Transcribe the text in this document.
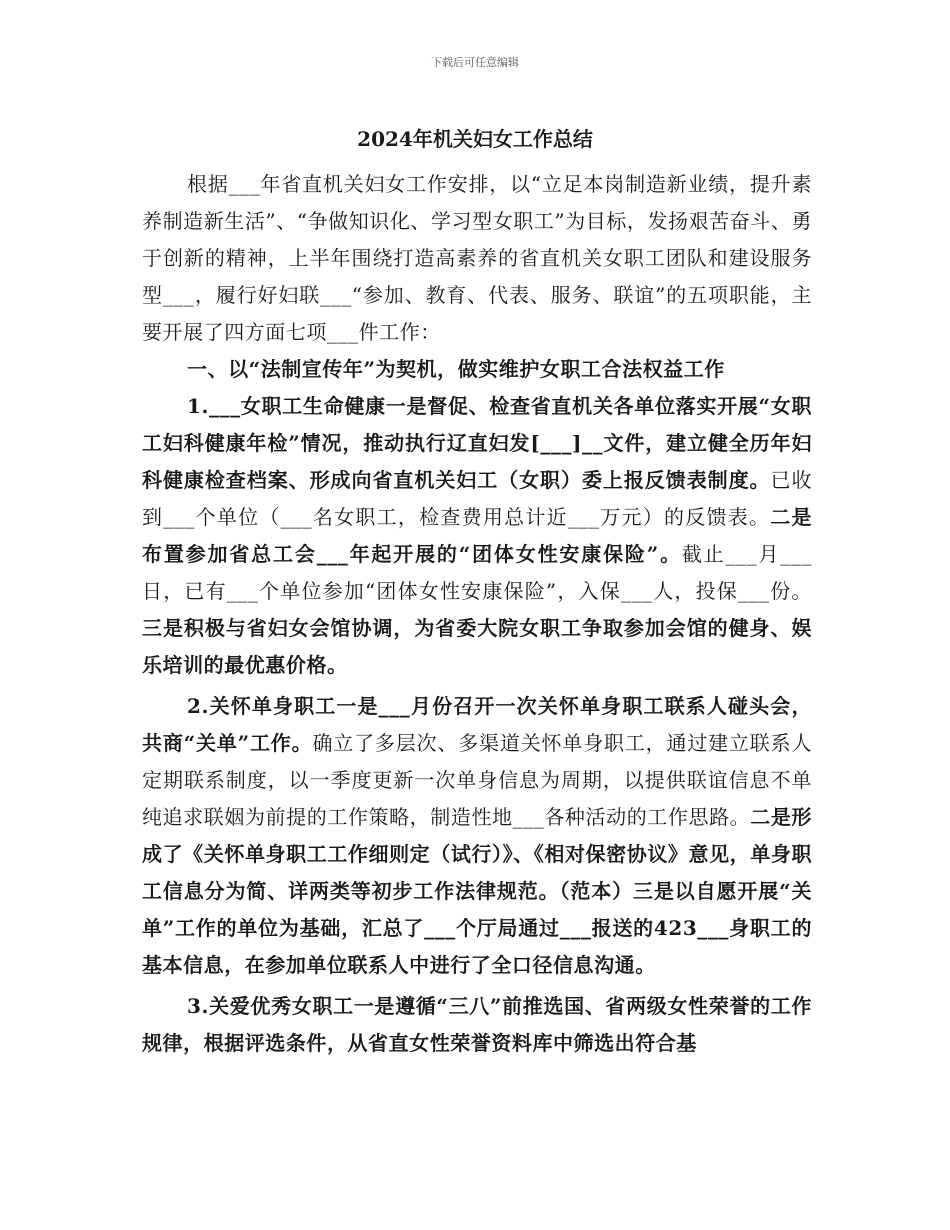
下载后可任意编辑
2024年机关妇女工作总结

根据___年省直机关妇女工作安排，以“立足本岗制造新业绩，提升素养制造新生活”、“争做知识化、学习型女职工”为目标，发扬艰苦奋斗、勇于创新的精神，上半年围绕打造高素养的省直机关女职工团队和建设服务型___，履行好妇联___“参加、教育、代表、服务、联谊”的五项职能，主要开展了四方面七项___件工作：

一、以“法制宣传年”为契机，做实维护女职工合法权益工作

1.___女职工生命健康一是督促、检查省直机关各单位落实开展“女职工妇科健康年检”情况，推动执行辽直妇发[___]__文件，建立健全历年妇科健康检查档案、形成向省直机关妇工（女职）委上报反馈表制度。已收到___个单位（___名女职工，检查费用总计近___万元）的反馈表。二是布置参加省总工会___年起开展的“团体女性安康保险”。截止___月___日，已有___个单位参加“团体女性安康保险”，入保___人，投保___份。三是积极与省妇女会馆协调，为省委大院女职工争取参加会馆的健身、娱乐培训的最优惠价格。

2.关怀单身职工一是___月份召开一次关怀单身职工联系人碰头会，共商“关单”工作。确立了多层次、多渠道关怀单身职工，通过建立联系人定期联系制度，以一季度更新一次单身信息为周期，以提供联谊信息不单纯追求联姻为前提的工作策略，制造性地___各种活动的工作思路。二是形成了《关怀单身职工工作细则定（试行）》、《相对保密协议》意见，单身职工信息分为简、详两类等初步工作法律规范。（范本）三是以自愿开展“关单”工作的单位为基础，汇总了___个厅局通过___报送的423___身职工的基本信息，在参加单位联系人中进行了全口径信息沟通。

3.关爱优秀女职工一是遵循“三八”前推选国、省两级女性荣誉的工作规律，根据评选条件，从省直女性荣誉资料库中筛选出符合基
